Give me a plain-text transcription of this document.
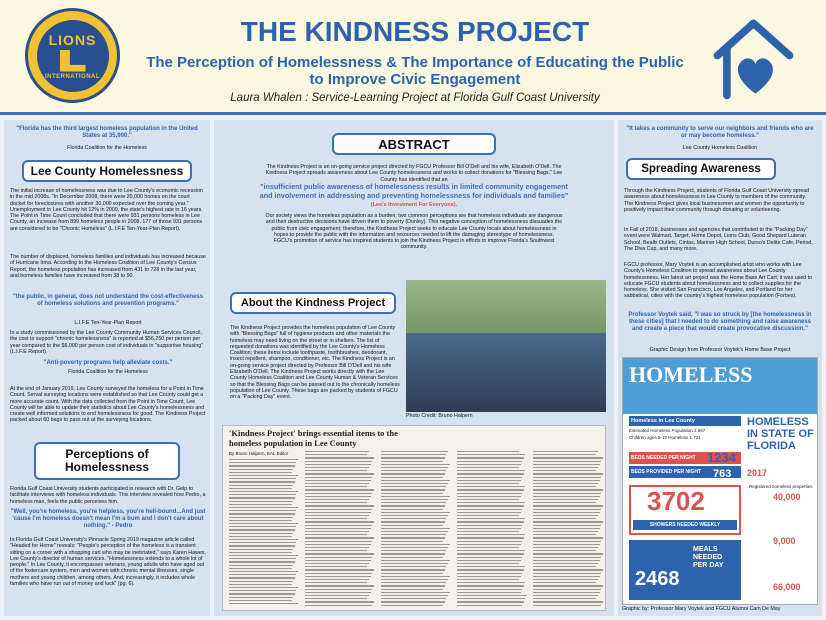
LIONS
INTERNATIONAL
THE KINDNESS PROJECT
The Perception of Homelessness & The Importance of Educating the Public to Improve Civic Engagement
Laura Whalen : Service-Learning Project at Florida Gulf Coast University
"Florida has the third largest homeless population in the United States at 35,900."
Florida Coalition for the Homeless
Lee County Homelessness
The initial increase of homelessness was due to Lee County's economic recession in the mid 2008s. "In December 2008, there were 20,000 homes on the court docket for foreclosures with another 30,000 expected over the coming year." Unemployment in Lee County hit 12% in 2009, the state's highest rate in 16 years. The Point in Time Count concluded that there were 931 persons homeless in Lee County, an increase from 899 homeless people in 2008. 177 of those 931 persons are considered to be "Chronic Homeless" (L.I.F.E Ten-Year-Plan Report).
The number of displaced, homeless families and individuals has increased because of Hurricane Irma. According to the Homeless Coalition of Lee County's Census Report, the homeless population has increased from 431 to 728 in the last year, and homeless families have increased from 38 to 90.
"the public, in general, does not understand the cost-effectiveness of homeless solutions and prevention programs."
L.I.F.E Ten-Year-Plan Report
In a study commissioned by the Lee County Community Human Services Council, the cost to support "chronic homelessness" is reported at $56,250 per person per year compared to the $6,000 per person cost of individuals in "supportive housing" (L.I.F.E Report).
"Anti-poverty programs help alleviate costs."
Florida Coalition for the Homeless
At the end of January 2019, Lee County surveyed the homeless for a Point in Time Count. Serval surveying locations were established so that Lee County could get a more accurate count. With the data collected from the Point in Time Count, Lee County will be able to update their statistics about Lee County's homelessness and create well informed solutions to end homelessness for good. The Kindness Project packed about 60 bags to pass out at the surveying locations.
Perceptions of Homelessness
Florida Gulf Coast University students participated in research with Dr. Gelp to facilitate interviews with homeless individuals. This interview revealed how Pedro, a homeless man, feels the public perceives him.
"Well, you're homeless, you're helpless, you're hell-bound...And just 'cause I'm homeless doesn't mean I'm a bum and I don't care about nothing." - Pedro
In Florida Gulf Coast University's Pinnacle Spring 2019 magazine article called "Headed for Home" reveals: "People's perception of the homeless is a transient sitting on a corner with a shopping cart who may be inebriated," says Karen Hawes, Lee County's director of human services. "Homelessness extends to a whole lot of people." In Lee County, it encompasses veterans, young adults who have aged out of the fostercare system, men and women with chronic mental illnesses, single mothers and young children, among others. And, increasingly, it includes whole families who have run out of money and luck" (pg. 6).
ABSTRACT
The Kindness Project is an on-going service project directed by FGCU Professor Bill O'Dell and his wife, Elizabeth O'Dell. The Kindness Project spreads awareness about Lee County homelessness and works to collect donations for "Blessing Bags." Lee County has identified that an
"insufficient public awareness of homelessness results in limited community engagement and involvement in addressing and preventing homelessness for individuals and families" (Lee's Investment For Everyone).
Our society views the homeless population as a burden; two common perceptions are that homeless individuals are dangerous and their destructive decisions have driven them to poverty (Donley). This negative conception of homelessness dissuades the public from civic engagement; therefore, the Kindness Project seeks to educate Lee County locals about homelessness in hopes to provide the public with the information and resources needed to lift the damaging stereotype of homelessness. FGCU's promotion of service has inspired students to join the Kindness Project in efforts to improve Florida's Southwest community.
About the Kindness Project
The Kindness Project provides the homeless population of Lee County with "Blessing Bags" full of hygiene products and other materials the homeless may need living on the street or in shelters. The list of requested donations was identified by the Lee County's Homeless Coalition; these items include toothpaste, toothbrushes, deodorant, insect repellent, shampoo, conditioner, etc. The Kindness Project is an on-going service project directed by Professor Bill O'Dell and his wife Elizabeth O'Dell. The Kindness Project works directly with the Lee County Homeless Coalition and Lee County Human & Veteran Services so that the Blessing Bags can be passed out to the chronically homeless population of Lee County. These bags are packed by students of FGCU on a "Packing Day" event.
Photo Credit: Bruno Halpern
'Kindness Project' brings essential items to the homeless population in Lee County
By Bruno Halpern, EAL Editor
"It takes a community to serve our neighbors and friends who are or may become homeless."
Lee County Homeless Coalition
Spreading Awareness
Through the Kindness Project, students of Florida Gulf Coast University spread awareness about homelessness in Lee County to members of the community. The Kindness Project gives local businessmen and women the opportunity to positively impact their community through donating or volunteering.
In Fall of 2018, businesses and agencies that contributed to the "Packing Day" event were Walmart, Target, Home Depot, Lions Club, Good Shepard Luteran School, Bealls Outlets, Cintas, Mariner High School, Durso's Delite Cafe, Period, The Diva Cup, and many more.
FGCU professor, Mary Voytek is an accomplished artist who works with Lee County's Homeless Coalition to spread awareness about Lee County homelessness. Her latest art project was the Home Base Art Cart; it was used to educate FGCU students about homelessness and to collect supplies for the homeless. She visited San Francisco, Los Angeles, and Portland for her sabbatical, cities with the country's highest homeless population (Forbes).
Professor Voytek said, "I was so struck by [the homelessness in these cities] that I needed to do something and raise awareness and create a piece that would create provocative discussion."
Graphic Design from Professor Voytek's Home Base Project
HOMELESS
Homeless in Lee County
Estimated Homeless Population 2,067
Children ages 5-17 Homeless 1,721
HOMELESS IN STATE OF FLORIDA
2017
BEDS NEEDED PER NIGHT 1234
BEDS PROVIDED PER NIGHT	763
Registered homeless properties
40,000
3702
SHOWERS NEEDED WEEKLY
2468
MEALS NEEDED PER DAY
9,000
66,000
Graphic by: Professor Mary Voytek and FGCU Alumni Cam De May
